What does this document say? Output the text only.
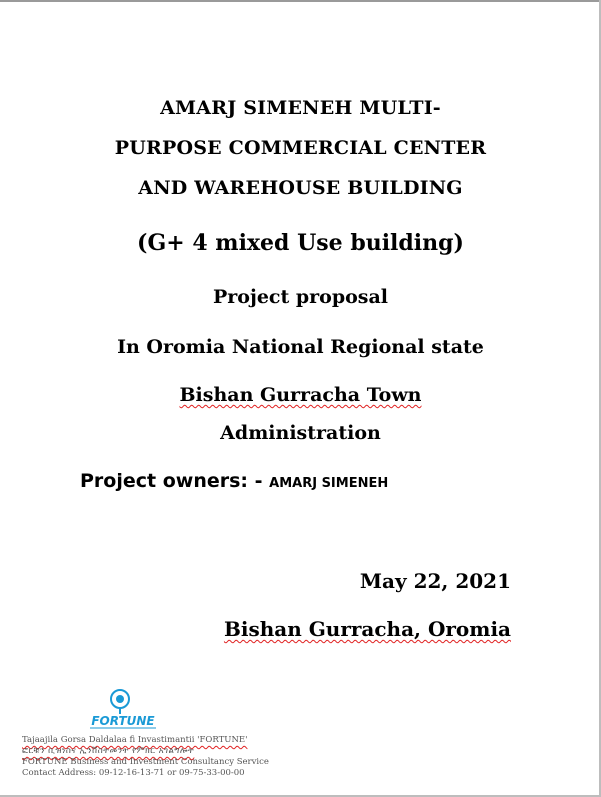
AMARJ SIMENEH MULTI-
PURPOSE COMMERCIAL CENTER
AND WAREHOUSE BUILDING
(G+ 4 mixed Use building)
Project proposal
In Oromia National Regional state
Bishan Gurracha Town
Administration
Project owners: - AMARJ SIMENEH
May 22, 2021
Bishan Gurracha, Oromia
FORTUNE
Tajaajila Gorsa Daldalaa fi Invastimantii 'FORTUNE'
ፎርቹን ቢዝነስና ኢንቨስትመንት የምክር አገልግሎት
FORTUNE Business and Investment Consultancy Service
Contact Address: 09-12-16-13-71 or 09-75-33-00-00
